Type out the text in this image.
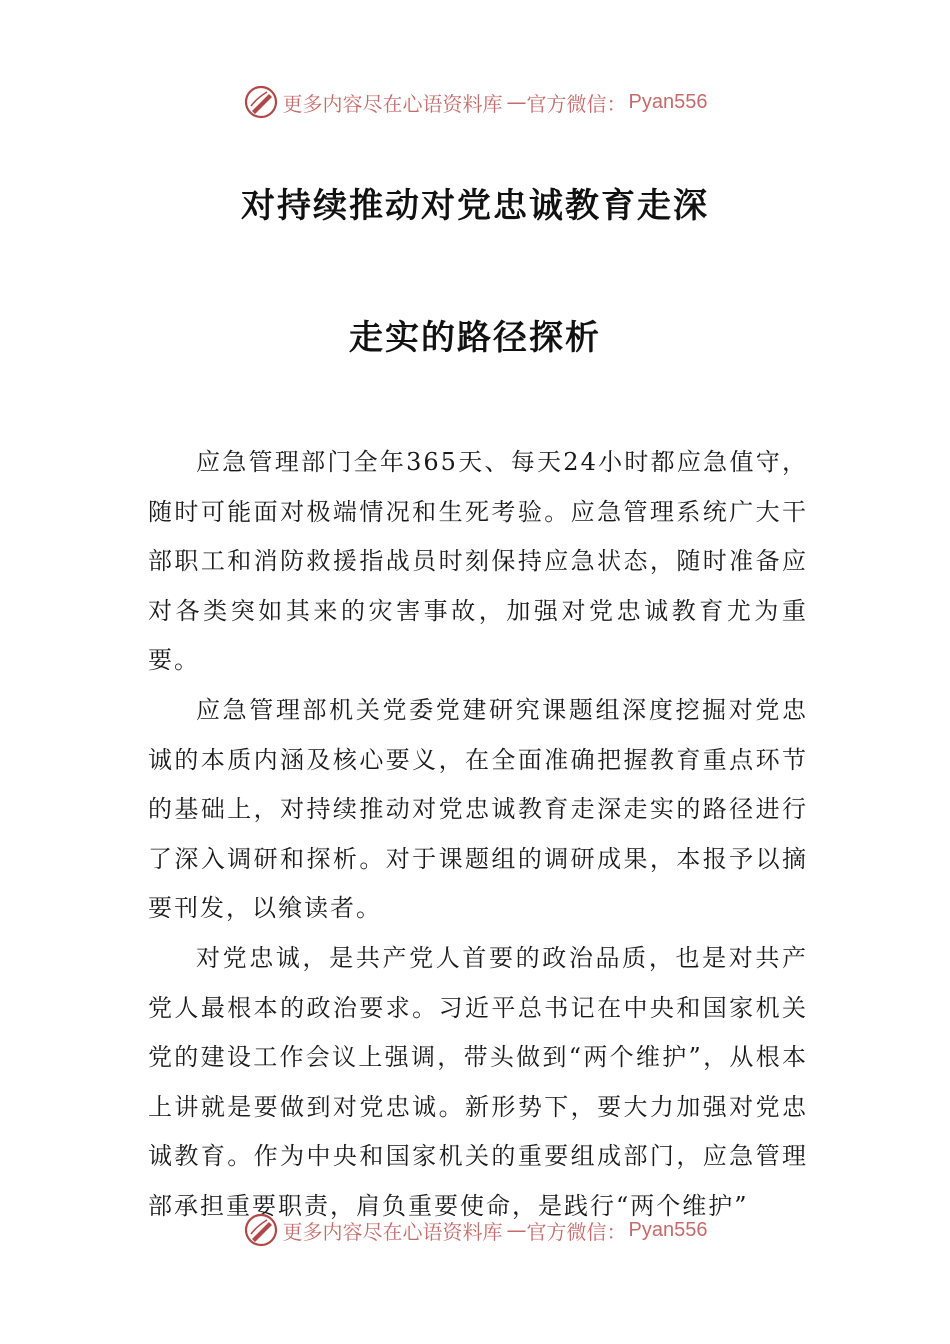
更多内容尽在心语资料库 — 官方微信： Pyan556
对持续推动对党忠诚教育走深
走实的路径探析

应急管理部门全年365天、每天24小时都应急值守，随时可能面对极端情况和生死考验。应急管理系统广大干部职工和消防救援指战员时刻保持应急状态，随时准备应对各类突如其来的灾害事故，加强对党忠诚教育尤为重要。

应急管理部机关党委党建研究课题组深度挖掘对党忠诚的本质内涵及核心要义，在全面准确把握教育重点环节的基础上，对持续推动对党忠诚教育走深走实的路径进行了深入调研和探析。对于课题组的调研成果，本报予以摘要刊发，以飨读者。

对党忠诚，是共产党人首要的政治品质，也是对共产党人最根本的政治要求。习近平总书记在中央和国家机关党的建设工作会议上强调，带头做到“两个维护”，从根本上讲就是要做到对党忠诚。新形势下，要大力加强对党忠诚教育。作为中央和国家机关的重要组成部门，应急管理部承担重要职责，肩负重要使命，是践行“两个维护”

更多内容尽在心语资料库 — 官方微信： Pyan556
